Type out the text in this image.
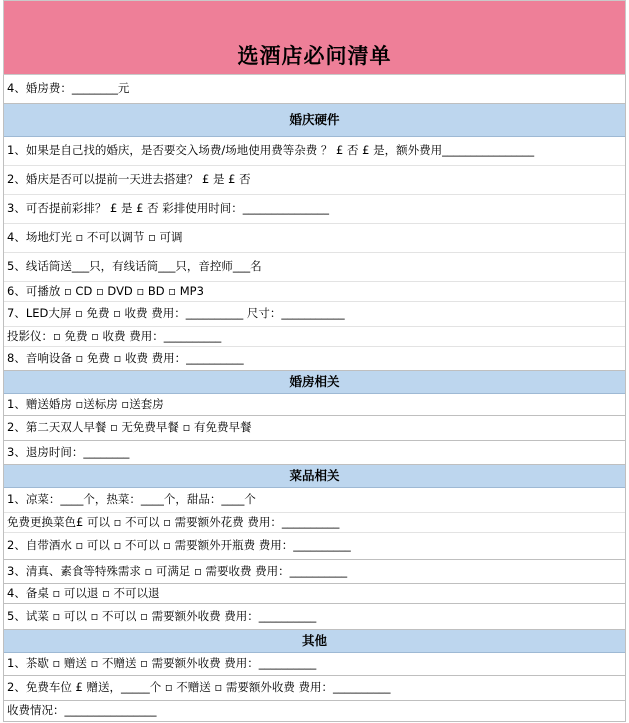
选酒店必问清单
4、婚房费：________元
婚庆硬件
1、如果是自己找的婚庆，是否要交入场费/场地使用费等杂费 ？ £ 否 £ 是，额外费用________________
2、婚庆是否可以提前一天进去搭建？ £ 是 £ 否
3、可否提前彩排？ £ 是 £ 否 彩排使用时间：_______________
4、场地灯光 ▫ 不可以调节 ▫ 可调
5、线话筒送___只，有线话筒___只，音控师___名
6、可播放 ▫ CD ▫ DVD ▫ BD ▫ MP3
7、LED大屏 ▫ 免费 ▫ 收费 费用：__________ 尺寸：___________
投影仪：▫ 免费 ▫ 收费 费用：__________
8、音响设备 ▫ 免费 ▫ 收费 费用：__________
婚房相关
1、赠送婚房 ▫送标房 ▫送套房
2、第二天双人早餐 ▫ 无免费早餐 ▫ 有免费早餐
3、退房时间：________
菜品相关
1、凉菜：____个，热菜：____个，甜品：____个
免费更换菜色£ 可以 ▫ 不可以 ▫ 需要额外花费 费用：__________
2、自带酒水 ▫ 可以 ▫ 不可以 ▫ 需要额外开瓶费 费用：__________
3、清真、素食等特殊需求 ▫ 可满足 ▫ 需要收费 费用：__________
4、备桌 ▫ 可以退 ▫ 不可以退
5、试菜 ▫ 可以 ▫ 不可以 ▫ 需要额外收费 费用：__________
其他
1、茶歇 ▫ 赠送 ▫ 不赠送 ▫ 需要额外收费 费用：__________
2、免费车位 £ 赠送，_____个 ▫ 不赠送 ▫ 需要额外收费 费用：__________
收费情况：________________
